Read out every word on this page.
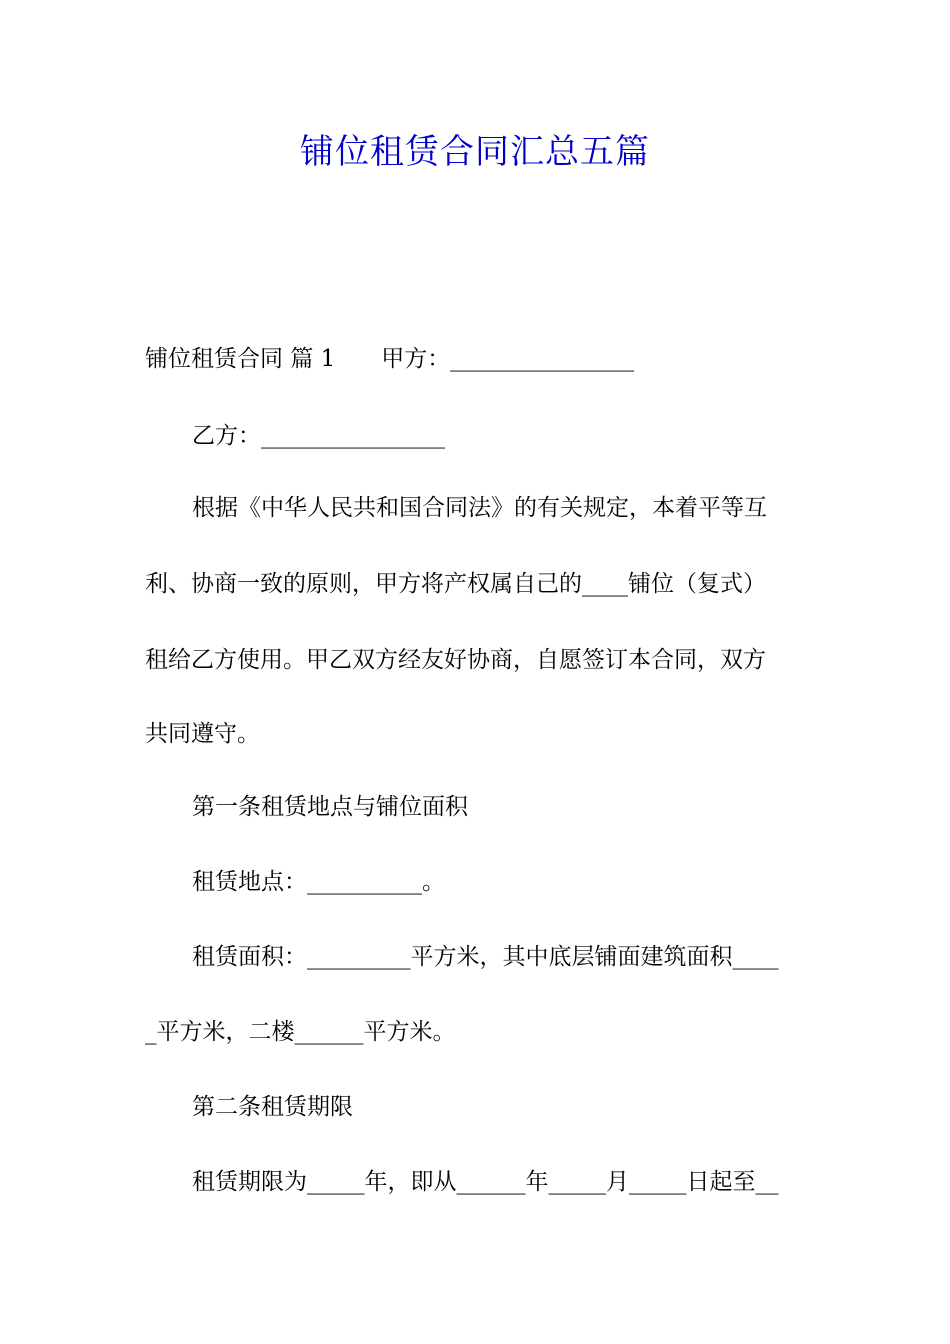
铺位租赁合同汇总五篇
铺位租赁合同 篇 1 甲方：________________
乙方：________________
根据《中华人民共和国合同法》的有关规定，本着平等互
利、协商一致的原则，甲方将产权属自己的____铺位（复式）
租给乙方使用。甲乙双方经友好协商，自愿签订本合同，双方
共同遵守。
第一条租赁地点与铺位面积
租赁地点：__________。
租赁面积：_________平方米，其中底层铺面建筑面积____
_平方米，二楼______平方米。
第二条租赁期限
租赁期限为_____年，即从______年_____月_____日起至__
